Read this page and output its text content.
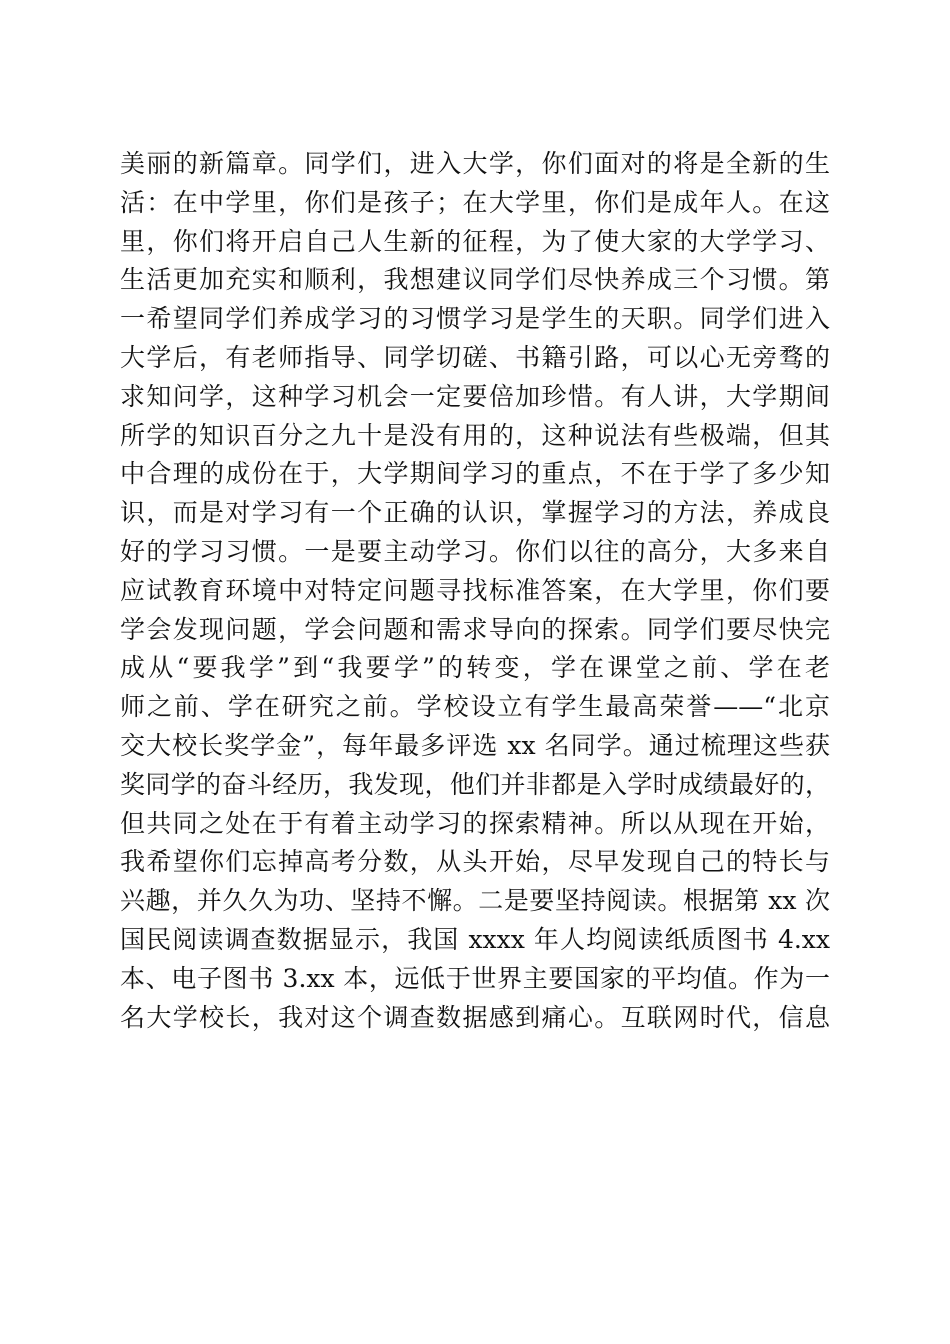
美丽的新篇章。同学们，进入大学，你们面对的将是全新的生
活：在中学里，你们是孩子；在大学里，你们是成年人。在这
里，你们将开启自己人生新的征程，为了使大家的大学学习、
生活更加充实和顺利，我想建议同学们尽快养成三个习惯。第
一希望同学们养成学习的习惯学习是学生的天职。同学们进入
大学后，有老师指导、同学切磋、书籍引路，可以心无旁骛的
求知问学，这种学习机会一定要倍加珍惜。有人讲，大学期间
所学的知识百分之九十是没有用的，这种说法有些极端，但其
中合理的成份在于，大学期间学习的重点，不在于学了多少知
识，而是对学习有一个正确的认识，掌握学习的方法，养成良
好的学习习惯。一是要主动学习。你们以往的高分，大多来自
应试教育环境中对特定问题寻找标准答案，在大学里，你们要
学会发现问题，学会问题和需求导向的探索。同学们要尽快完
成从“要我学”到“我要学”的转变，学在课堂之前、学在老
师之前、学在研究之前。学校设立有学生最高荣誉——“北京
交大校长奖学金”，每年最多评选 xx 名同学。通过梳理这些获
奖同学的奋斗经历，我发现，他们并非都是入学时成绩最好的，
但共同之处在于有着主动学习的探索精神。所以从现在开始，
我希望你们忘掉高考分数，从头开始，尽早发现自己的特长与
兴趣，并久久为功、坚持不懈。二是要坚持阅读。根据第 xx 次
国民阅读调查数据显示，我国 xxxx 年人均阅读纸质图书 4.xx
本、电子图书 3.xx 本，远低于世界主要国家的平均值。作为一
名大学校长，我对这个调查数据感到痛心。互联网时代，信息
